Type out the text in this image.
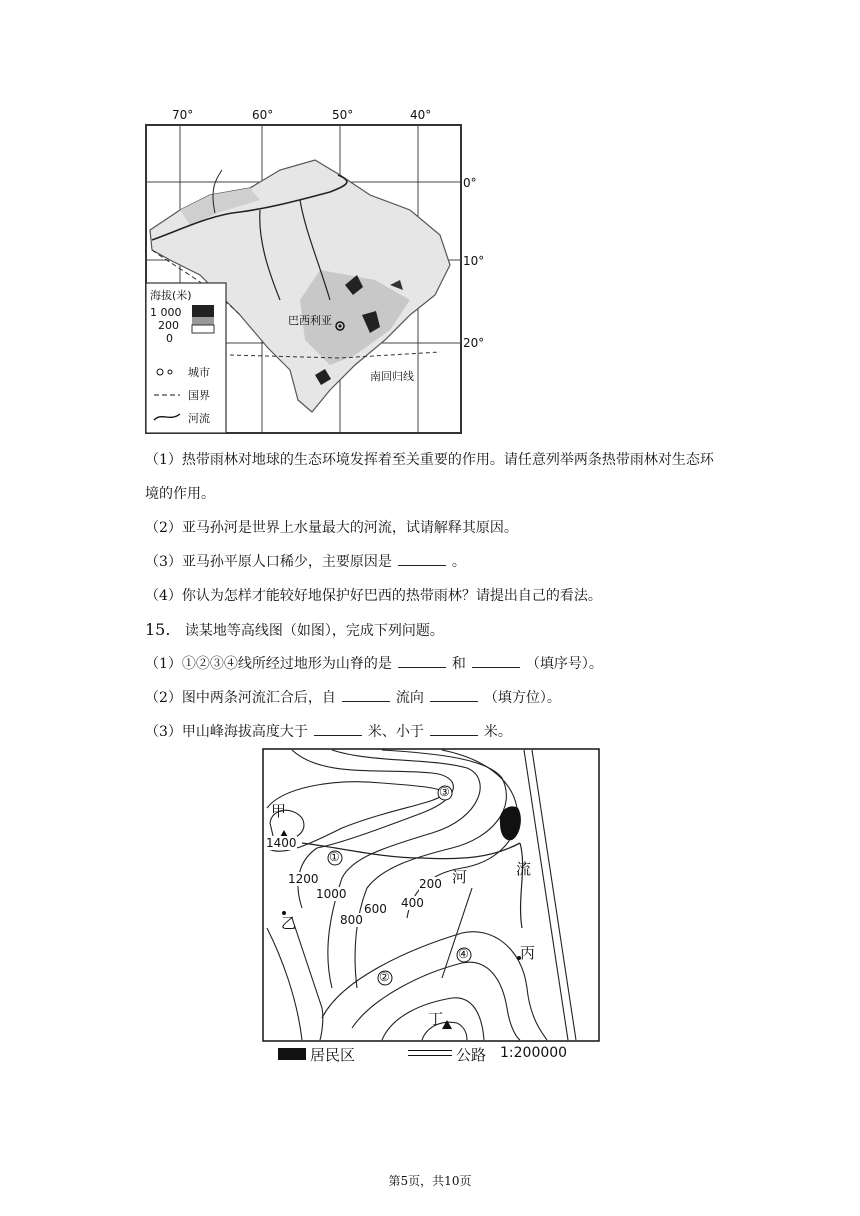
70°	60°	50°	40°
0°
10°
20°
巴西利亚
南回归线
海拔(米)
1 000
200
0
城市
国界
河流
（1）热带雨林对地球的生态环境发挥着至关重要的作用。请任意列举两条热带雨林对生态环
境的作用。
（2）亚马孙河是世界上水量最大的河流，试请解释其原因。
（3）亚马孙平原人口稀少，主要原因是	。
（4）你认为怎样才能较好地保护好巴西的热带雨林？请提出自己的看法。
15. 读某地等高线图（如图），完成下列问题。
（1）①②③④线所经过地形为山脊的是	和	（填序号）。
（2）图中两条河流汇合后，自	流向	（填方位）。
（3）甲山峰海拔高度大于	米、小于	米。
甲
乙
丙
丁
③
①
②
④
1400
1200
1000
800
600 400
200 河	流
居民区	公路 1:200000
第5页，共10页
